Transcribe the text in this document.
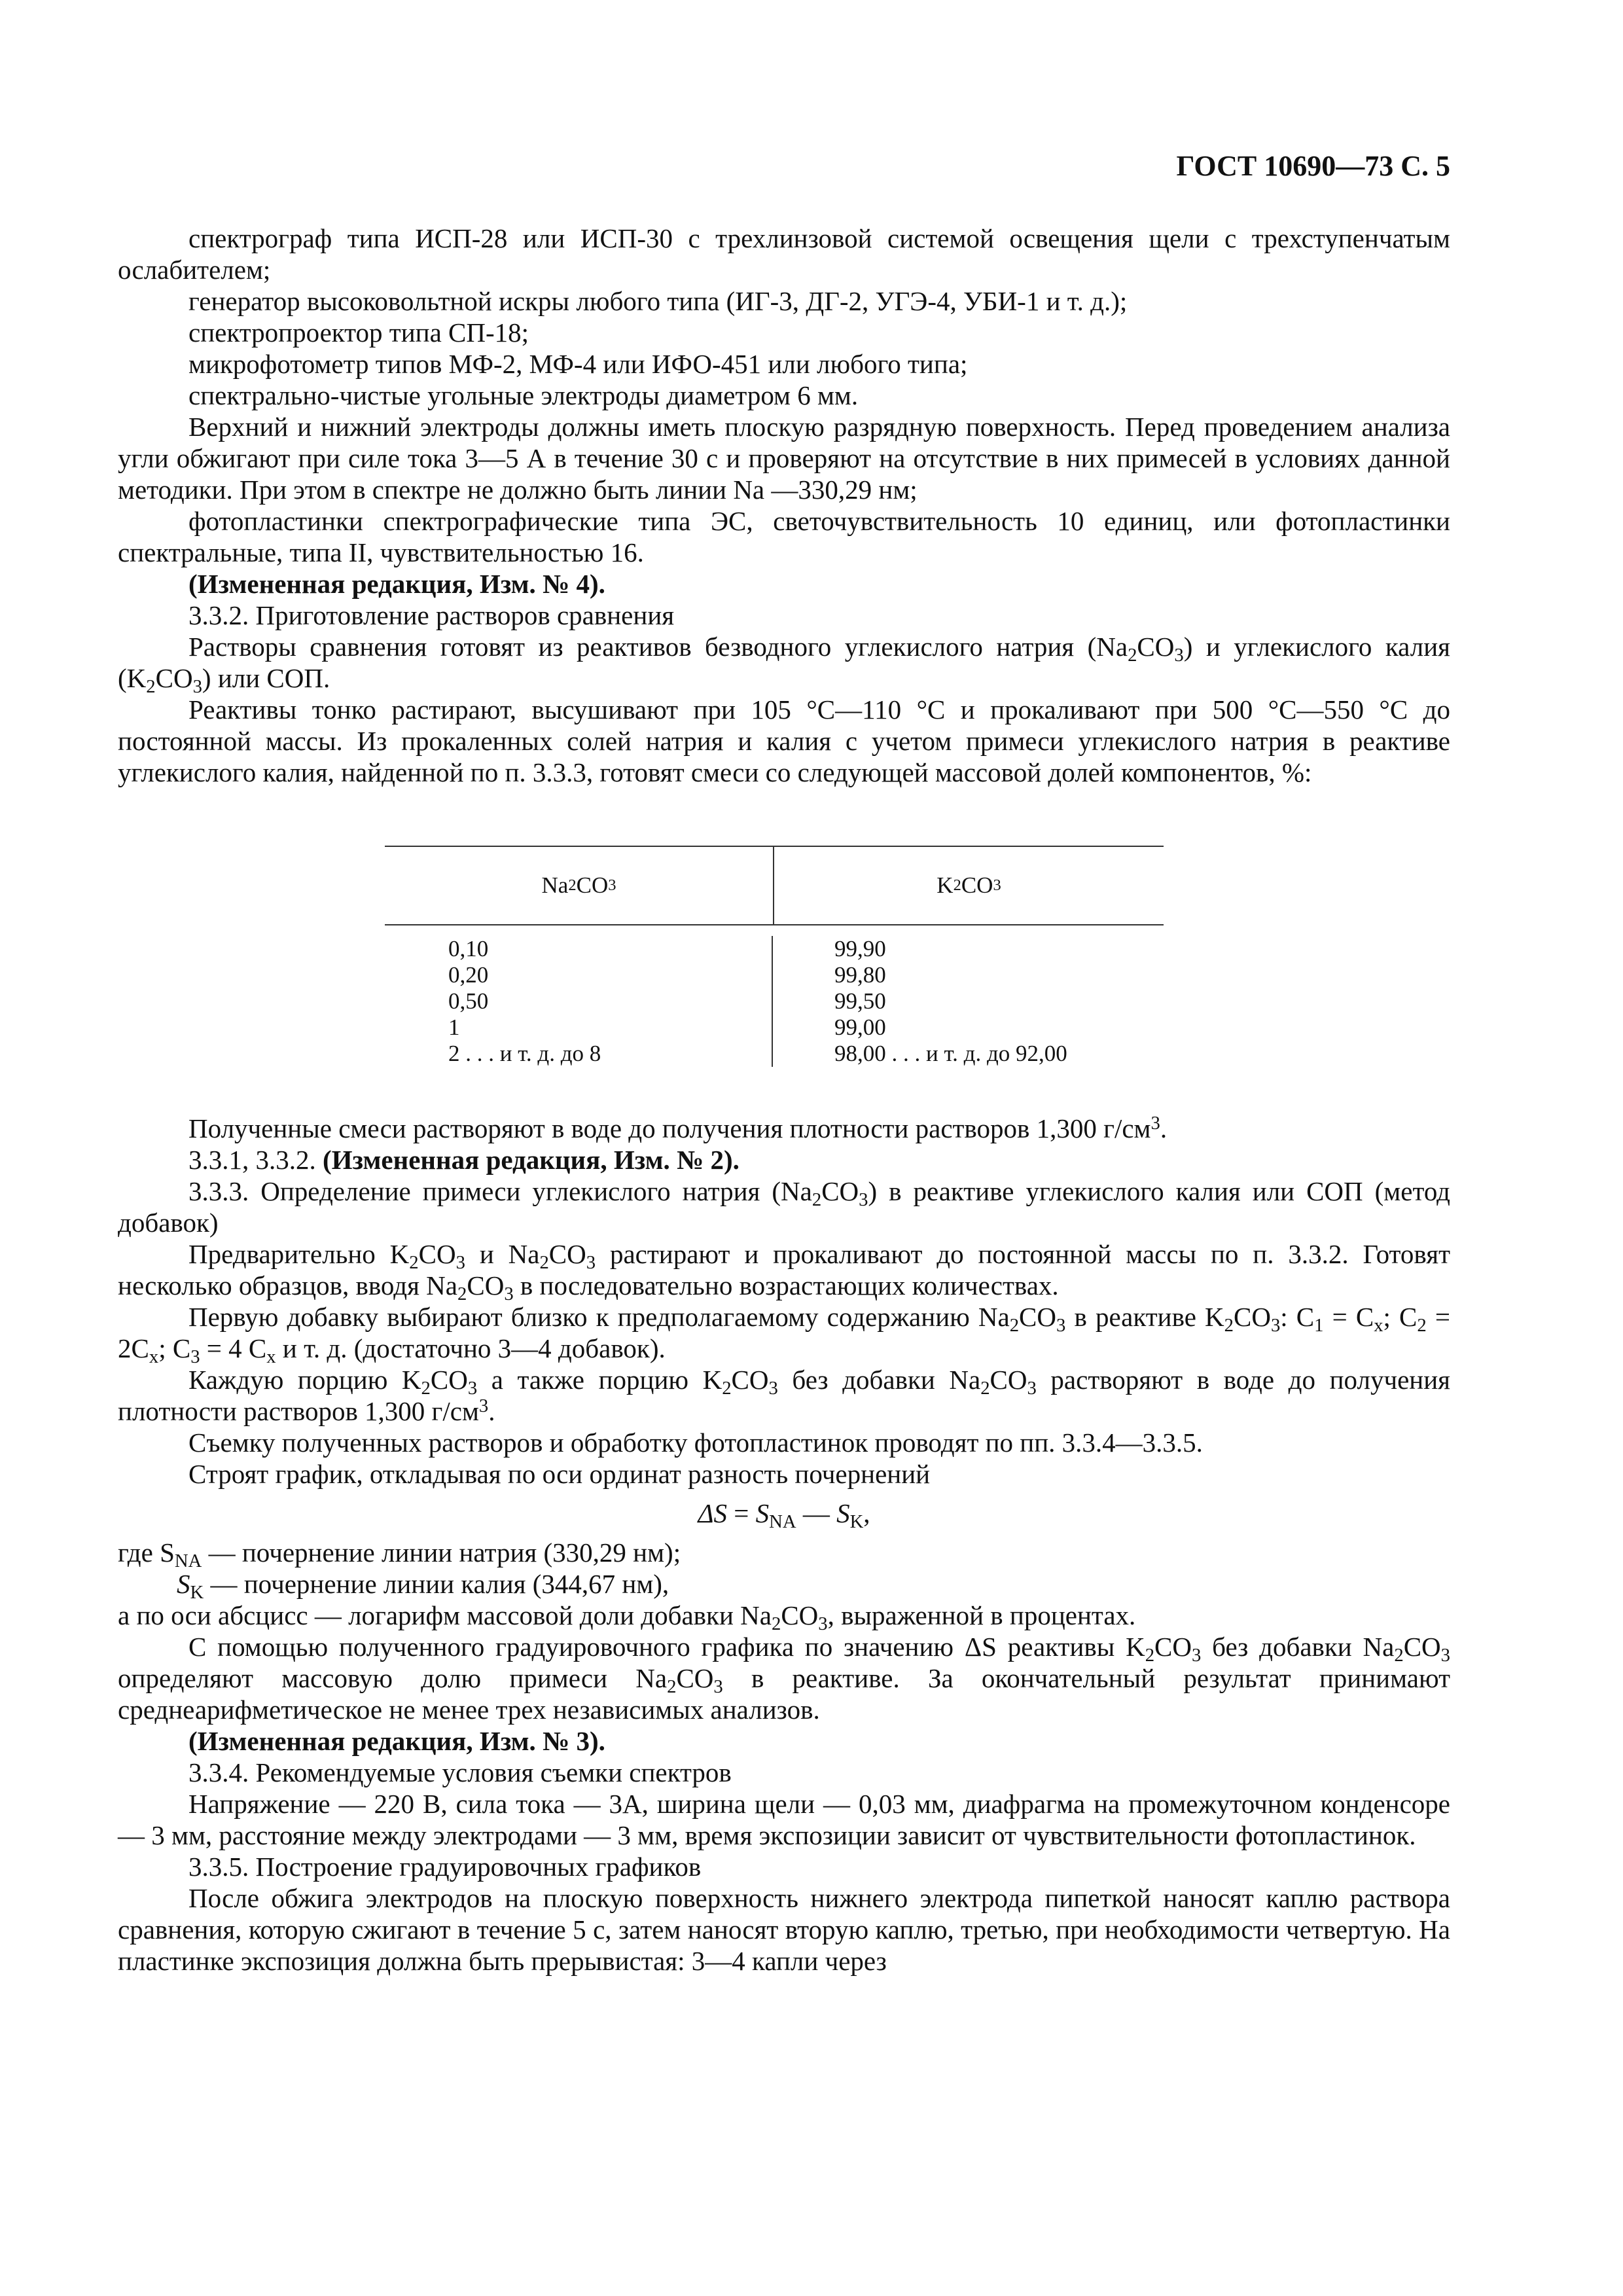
ГОСТ 10690—73 С. 5

спектрограф типа ИСП-28 или ИСП-30 с трехлинзовой системой освещения щели с трехступенчатым ослабителем;

генератор высоковольтной искры любого типа (ИГ-3, ДГ-2, УГЭ-4, УБИ-1 и т. д.);

спектропроектор типа СП-18;

микрофотометр типов МФ-2, МФ-4 или ИФО-451 или любого типа;

спектрально-чистые угольные электроды диаметром 6 мм.

Верхний и нижний электроды должны иметь плоскую разрядную поверхность. Перед проведением анализа угли обжигают при силе тока 3—5 А в течение 30 с и проверяют на отсутствие в них примесей в условиях данной методики. При этом в спектре не должно быть линии Na —330,29 нм;

фотопластинки спектрографические типа ЭС, светочувствительность 10 единиц, или фотопластинки спектральные, типа II, чувствительностью 16.

(Измененная редакция, Изм. № 4).

3.3.2. Приготовление растворов сравнения

Растворы сравнения готовят из реактивов безводного углекислого натрия $(Na_2CO_3)$ и углекислого калия $(K_2CO_3)$ или СОП.

Реактивы тонко растирают, высушивают при 105 °С—110 °С и прокаливают при 500 °С—550 °С до постоянной массы. Из прокаленных солей натрия и калия с учетом примеси углекислого натрия в реактиве углекислого калия, найденной по п. 3.3.3, готовят смеси со следующей массовой долей компонентов, %:

Na 2 CO 3	K 2 CO 3
0,10
0,20
0,50
1
2 . . . и т. д. до 8
99,90
99,80
99,50
99,00
98,00 . . . и т. д. до 92,00

Полученные смеси растворяют в воде до получения плотности растворов 1,300 $г/см^3$.

3.3.1, 3.3.2. (Измененная редакция, Изм. № 2).

3.3.3. Определение примеси углекислого натрия $(Na_2CO_3)$ в реактиве углекислого калия или СОП (метод добавок)

Предварительно $K_2CO_3$ и $Na_2CO_3$ растирают и прокаливают до постоянной массы по п. 3.3.2. Готовят несколько образцов, вводя $Na_2CO_3$ в последовательно возрастающих количествах.

Первую добавку выбирают близко к предполагаемому содержанию $Na_2CO_3$ в реактиве $K_2CO_3$: $C_1 = C_x$; $C_2 = 2C_x$; $C_3 = 4$ $C_x$ и т. д. (достаточно 3—4 добавок).

Каждую порцию $K_2CO_3$ а также порцию $K_2CO_3$ без добавки $Na_2CO_3$ растворяют в воде до получения плотности растворов 1,300 $г/см^3$.

Съемку полученных растворов и обработку фотопластинок проводят по пп. 3.3.4—3.3.5.

Строят график, откладывая по оси ординат разность почернений

$\Delta S = S_{NA}$ — $S_K$,

где $S_{NA}$ — почернение линии натрия (330,29 нм);

$S_K$ — почернение линии калия (344,67 нм),

а по оси абсцисс — логарифм массовой доли добавки $Na_2CO_3$, выраженной в процентах.

С помощью полученного градуировочного графика по значению ΔS реактивы $K_2CO_3$ без добавки $Na_2CO_3$ определяют массовую долю примеси $Na_2CO_3$ в реактиве. За окончательный результат принимают среднеарифметическое не менее трех независимых анализов.

(Измененная редакция, Изм. № 3).

3.3.4. Рекомендуемые условия съемки спектров

Напряжение — 220 В, сила тока — 3А, ширина щели — 0,03 мм, диафрагма на промежуточном конденсоре — 3 мм, расстояние между электродами — 3 мм, время экспозиции зависит от чувствительности фотопластинок.

3.3.5. Построение градуировочных графиков

После обжига электродов на плоскую поверхность нижнего электрода пипеткой наносят каплю раствора сравнения, которую сжигают в течение 5 с, затем наносят вторую каплю, третью, при необходимости четвертую. На пластинке экспозиция должна быть прерывистая: 3—4 капли через
